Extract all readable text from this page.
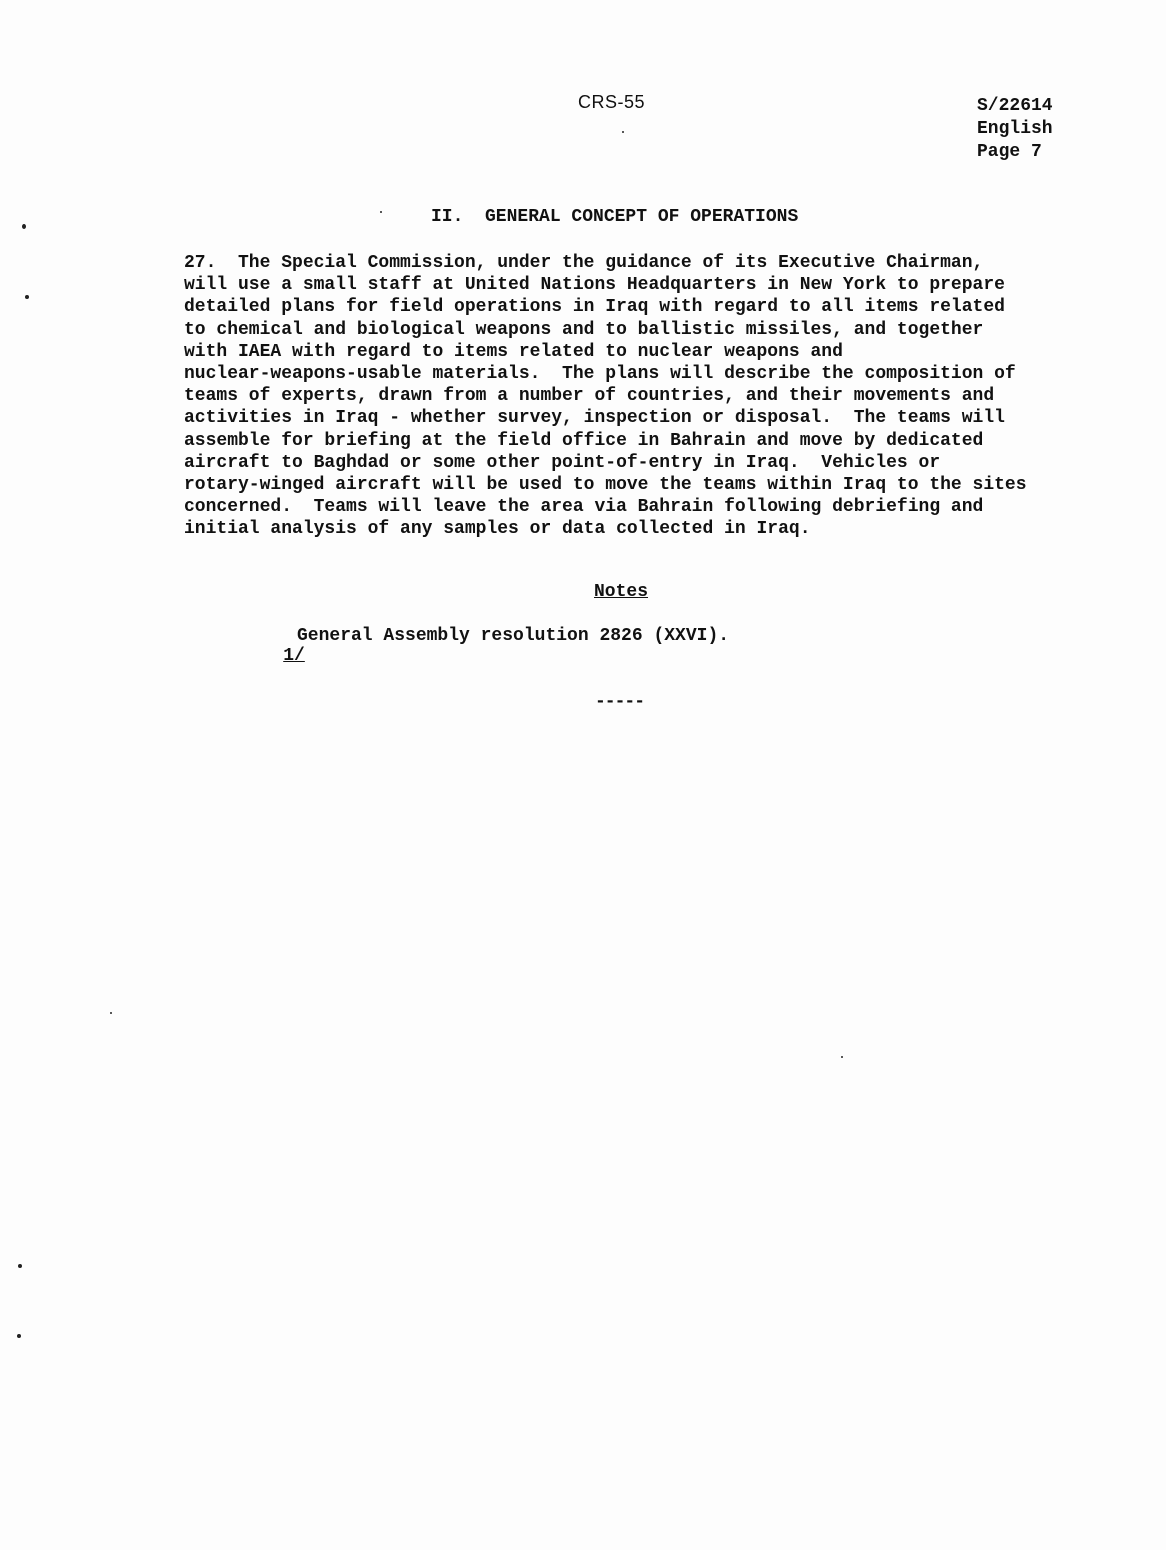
CRS-55	S/22614
English
Page 7
II.  GENERAL CONCEPT OF OPERATIONS
27.  The Special Commission, under the guidance of its Executive Chairman,
will use a small staff at United Nations Headquarters in New York to prepare
detailed plans for field operations in Iraq with regard to all items related
to chemical and biological weapons and to ballistic missiles, and together
with IAEA with regard to items related to nuclear weapons and
nuclear-weapons-usable materials.  The plans will describe the composition of
teams of experts, drawn from a number of countries, and their movements and
activities in Iraq - whether survey, inspection or disposal.  The teams will
assemble for briefing at the field office in Bahrain and move by dedicated
aircraft to Baghdad or some other point-of-entry in Iraq.  Vehicles or
rotary-winged aircraft will be used to move the teams within Iraq to the sites
concerned.  Teams will leave the area via Bahrain following debriefing and
initial analysis of any samples or data collected in Iraq.
Notes

1/

General Assembly resolution 2826 (XXVI).

-----
